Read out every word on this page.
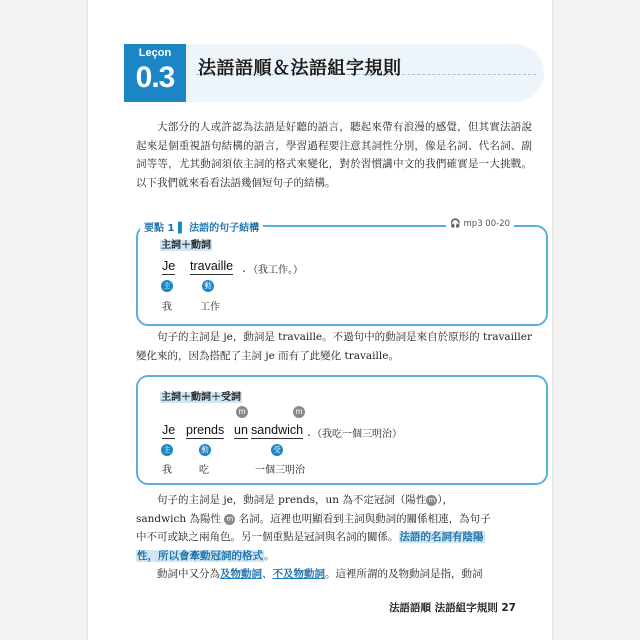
Leçon
0.3	法語語順＆法語組字規則

大部分的人或許認為法語是好聽的語言，聽起來帶有浪漫的感覺，但其實法語說起來是個重視語句結構的語言，學習過程要注意其詞性分別，像是名詞、代名詞、副詞等等，尤其動詞須依主詞的格式來變化，對於習慣講中文的我們確實是一大挑戰。以下我們就來看看法語幾個短句子的結構。

要點 1 ▌ 法語的句子結構	🎧 mp3 00-20
主詞＋動詞
Je travaille . （我工作。）
主	動
我	工作

句子的主詞是 je，動詞是 travaille。不過句中的動詞是來自於原形的 travailler 變化來的，因為搭配了主詞 je 而有了此變化 travaille。

主詞＋動詞＋受詞
m	m
Je prends un sandwich . （我吃一個三明治）
主	動	受
我	吃	一個三明治
句子的主詞是 je，動詞是 prends，un 為不定冠詞（陽性 m ），
sandwich 為陽性 m 名詞。這裡也明顯看到主詞與動詞的關係相連，為句子
中不可或缺之兩角色。另一個重點是冠詞與名詞的關係。法語的名詞有陰陽
性，所以會牽動冠詞的格式。
動詞中又分為及物動詞、不及物動詞。這裡所謂的及物動詞是指，動詞
法語語順 法語組字規則 27
